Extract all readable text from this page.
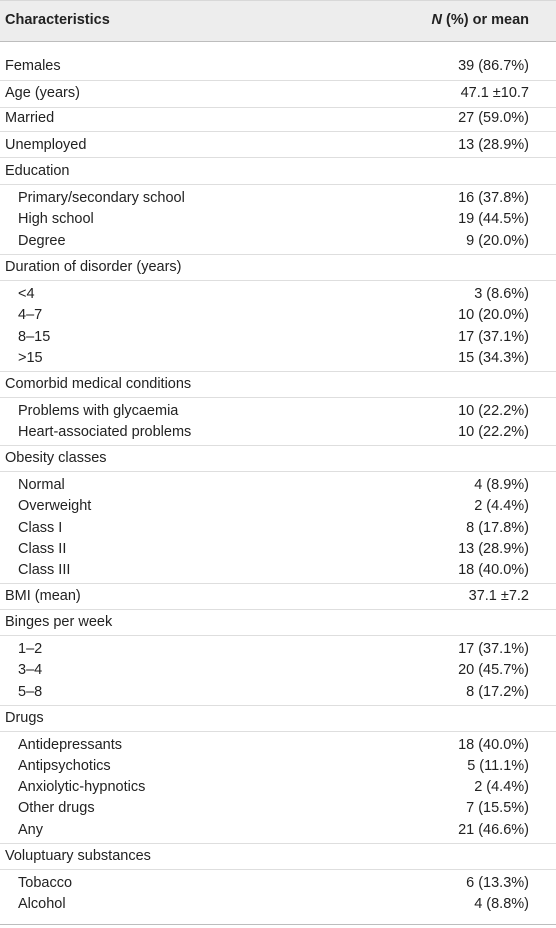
Characteristics	N (%) or mean
Females	39 (86.7%)
Age (years)	47.1 ±10.7
Married	27 (59.0%)
Unemployed	13 (28.9%)
Education
Primary/secondary school	16 (37.8%)
High school	19 (44.5%)
Degree	9 (20.0%)
Duration of disorder (years)
<4	3 (8.6%)
4–7	10 (20.0%)
8–15	17 (37.1%)
>15	15 (34.3%)
Comorbid medical conditions
Problems with glycaemia	10 (22.2%)
Heart-associated problems	10 (22.2%)
Obesity classes
Normal	4 (8.9%)
Overweight	2 (4.4%)
Class I	8 (17.8%)
Class II	13 (28.9%)
Class III	18 (40.0%)
BMI (mean)	37.1 ±7.2
Binges per week
1–2	17 (37.1%)
3–4	20 (45.7%)
5–8	8 (17.2%)
Drugs
Antidepressants	18 (40.0%)
Antipsychotics	5 (11.1%)
Anxiolytic-hypnotics	2 (4.4%)
Other drugs	7 (15.5%)
Any	21 (46.6%)
Voluptuary substances
Tobacco	6 (13.3%)
Alcohol	4 (8.8%)
